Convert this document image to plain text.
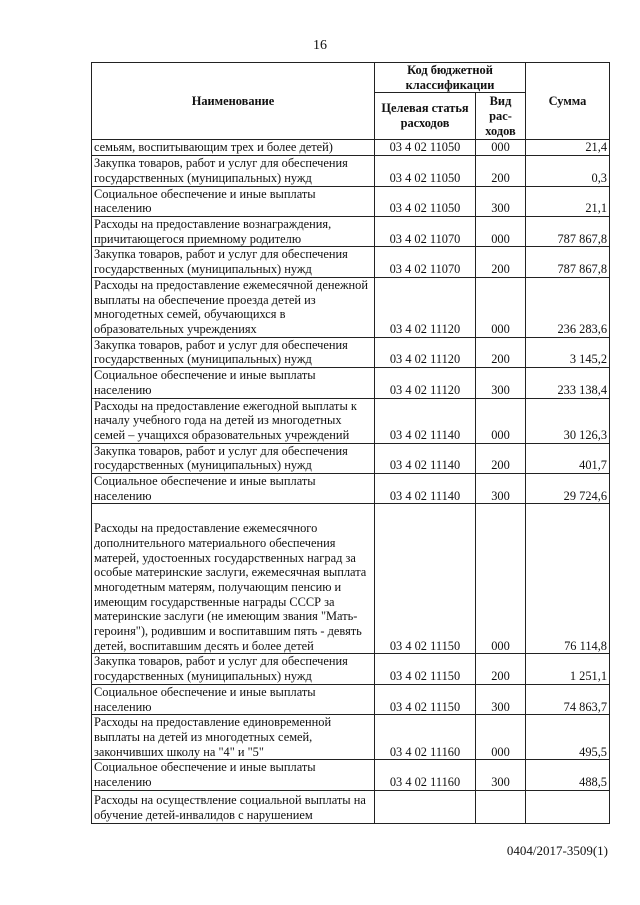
16
Наименование	Код бюджетной классификации		Сумма
	Целевая статья расходов	Вид рас-ходов	
семьям, воспитывающим трех и более детей)	03 4 02 11050	000	21,4
Закупка товаров, работ и услуг для обеспечения государственных (муниципальных) нужд	03 4 02 11050	200	0,3
Социальное обеспечение и иные выплаты населению	03 4 02 11050	300	21,1
Расходы на предоставление вознаграждения, причитающегося приемному родителю	03 4 02 11070	000	787 867,8
Закупка товаров, работ и услуг для обеспечения государственных (муниципальных) нужд	03 4 02 11070	200	787 867,8
Расходы на предоставление ежемесячной денежной выплаты на обеспечение проезда детей из многодетных семей, обучающихся в образовательных учреждениях	03 4 02 11120	000	236 283,6
Закупка товаров, работ и услуг для обеспечения государственных (муниципальных) нужд	03 4 02 11120	200	3 145,2
Социальное обеспечение и иные выплаты населению	03 4 02 11120	300	233 138,4
Расходы на предоставление ежегодной выплаты к началу учебного года на детей из многодетных семей – учащихся образовательных учреждений	03 4 02 11140	000	30 126,3
Закупка товаров, работ и услуг для обеспечения государственных (муниципальных) нужд	03 4 02 11140	200	401,7
Социальное обеспечение и иные выплаты населению	03 4 02 11140	300	29 724,6
Расходы на предоставление ежемесячного дополнительного материального обеспечения матерей, удостоенных государственных наград за особые материнские заслуги, ежемесячная выплата многодетным матерям, получающим пенсию и имеющим государственные награды СССР за материнские заслуги (не имеющим звания "Мать-героиня"), родившим и воспитавшим пять - девять детей, воспитавшим десять и более детей	03 4 02 11150	000	76 114,8
Закупка товаров, работ и услуг для обеспечения государственных (муниципальных) нужд	03 4 02 11150	200	1 251,1
Социальное обеспечение и иные выплаты населению	03 4 02 11150	300	74 863,7
Расходы на предоставление единовременной выплаты на детей из многодетных семей, закончивших школу на "4" и "5"	03 4 02 11160	000	495,5
Социальное обеспечение и иные выплаты населению	03 4 02 11160	300	488,5
Расходы на осуществление социальной выплаты на обучение детей-инвалидов с нарушением			
0404/2017-3509(1)
